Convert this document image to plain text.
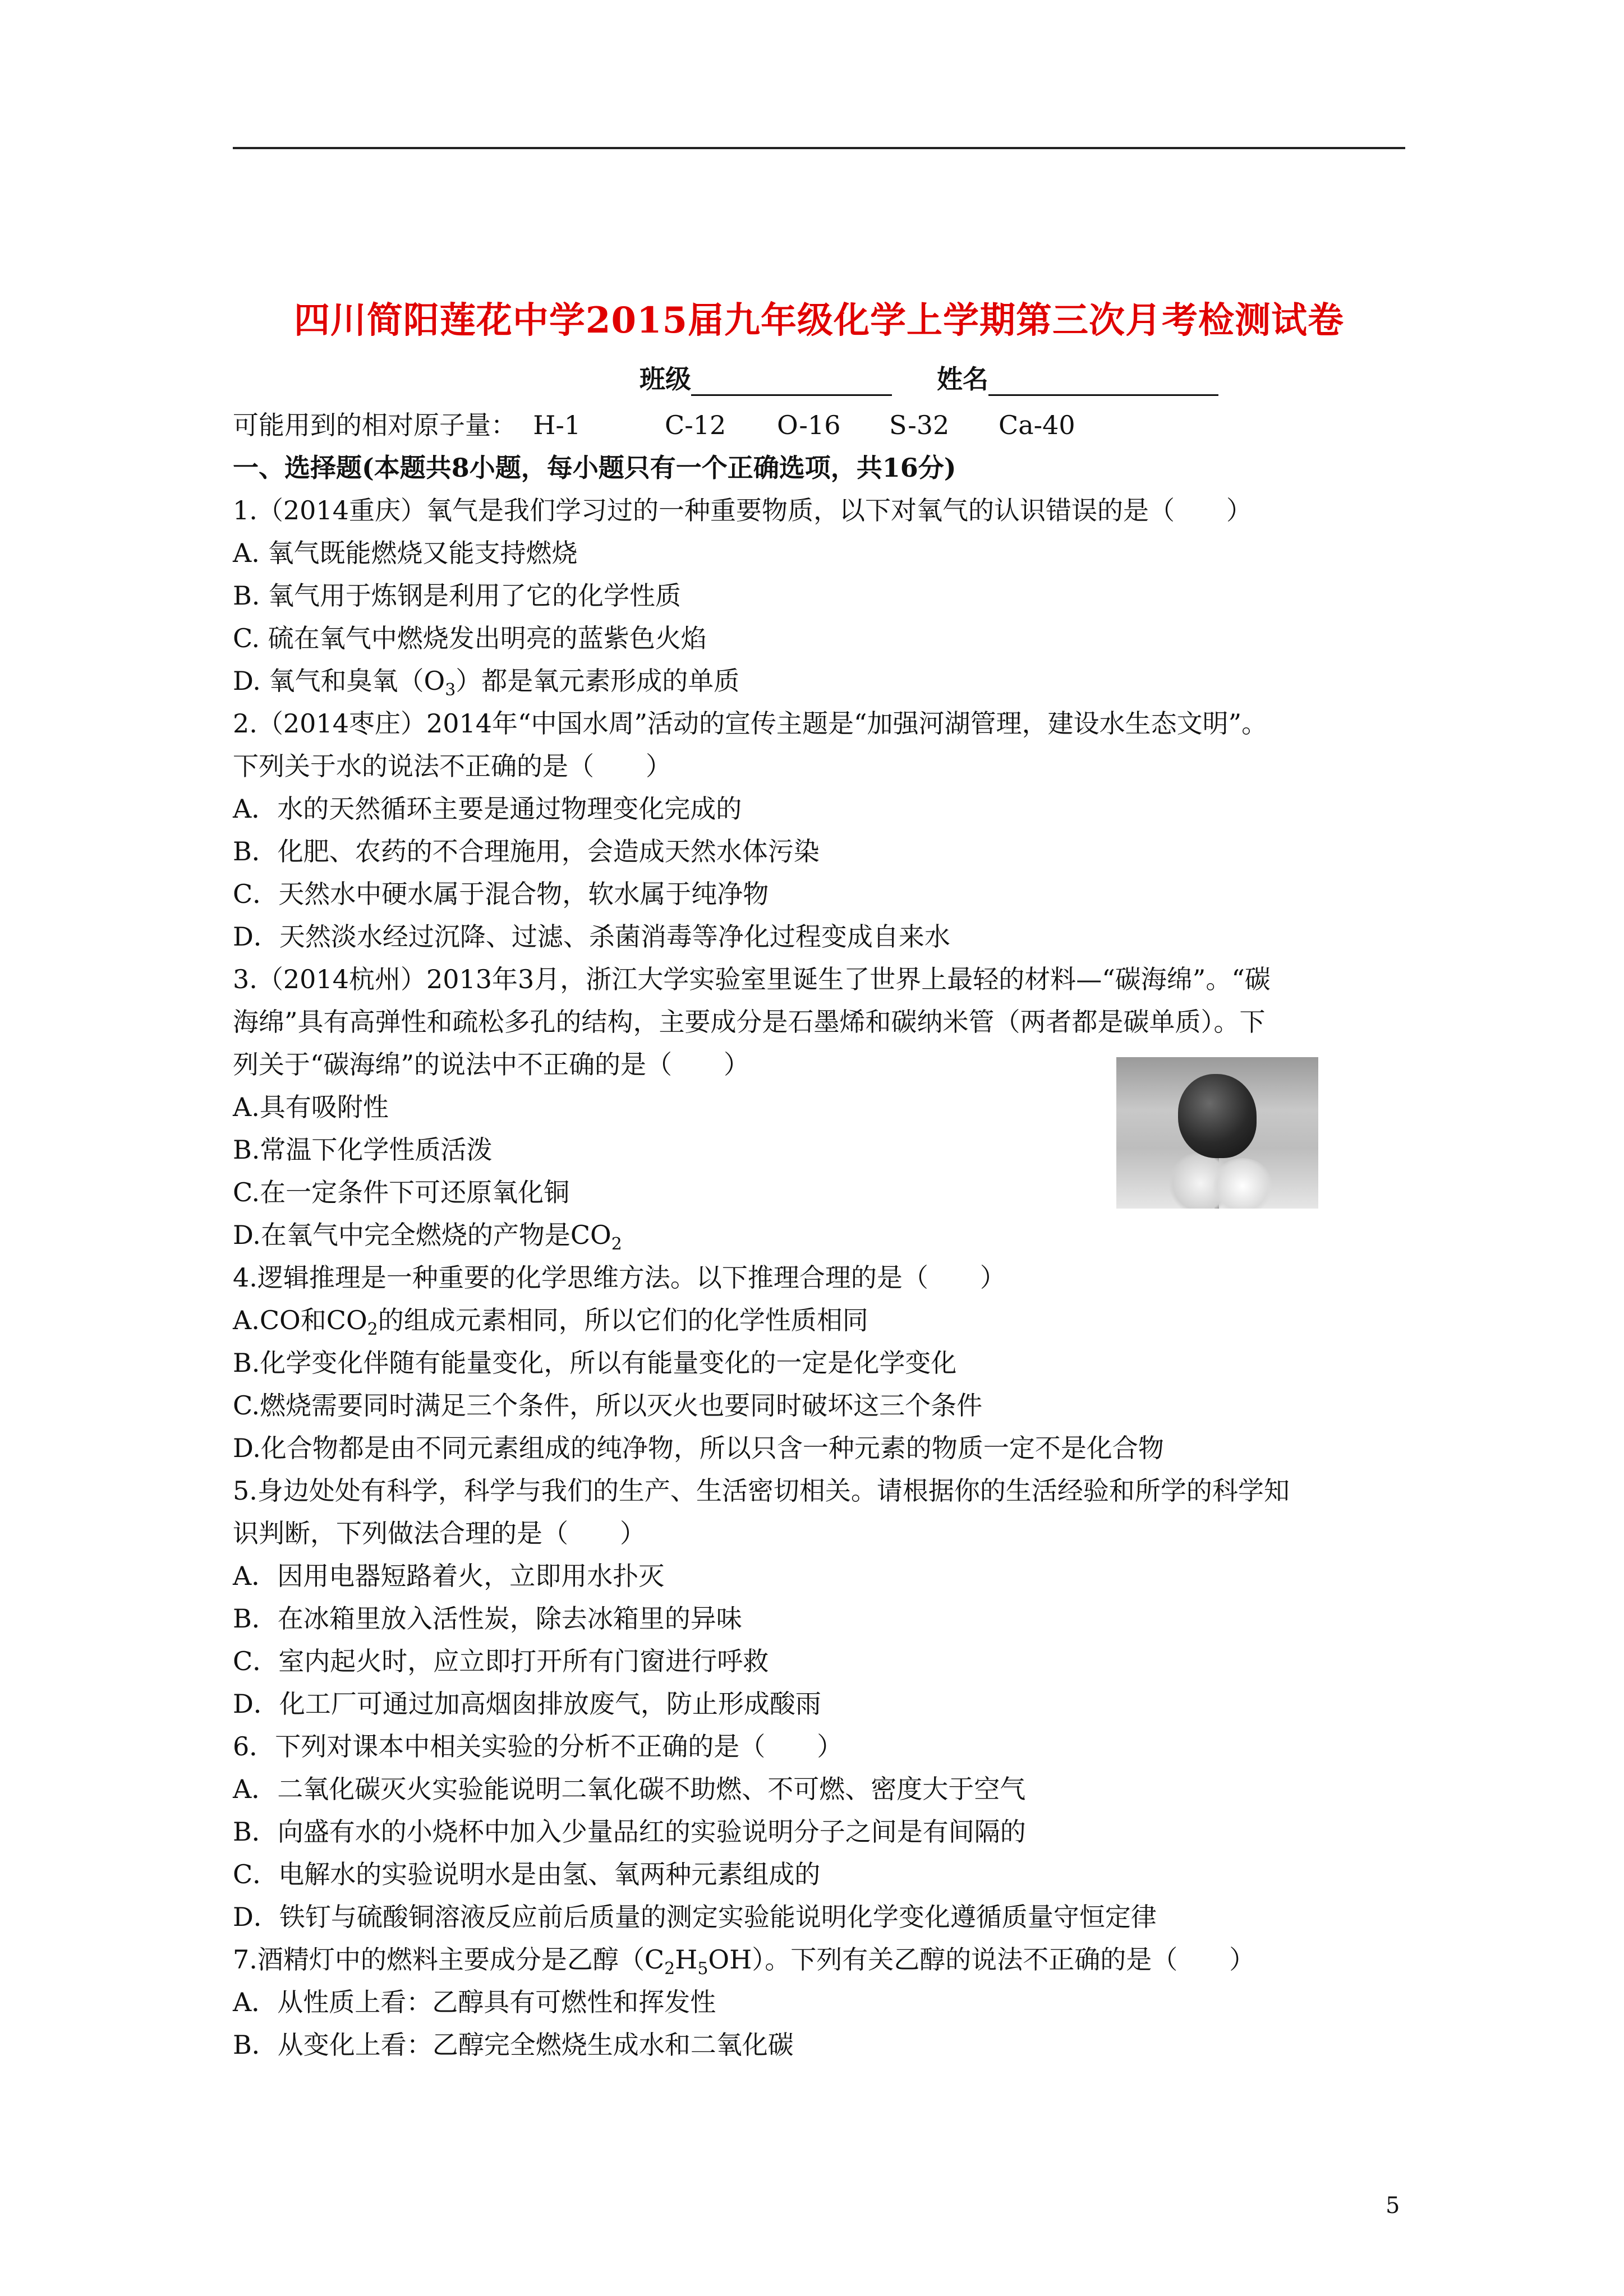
四川简阳莲花中学2015届九年级化学上学期第三次月考检测试卷
班级	姓名
可能用到的相对原子量： H-1	C-12 O-16 S-32 Ca-40
一、选择题(本题共8小题，每小题只有一个正确选项，共16分)
1.（2014重庆）氧气是我们学习过的一种重要物质，以下对氧气的认识错误的是（　　）
A. 氧气既能燃烧又能支持燃烧
B. 氧气用于炼钢是利用了它的化学性质
C. 硫在氧气中燃烧发出明亮的蓝紫色火焰
D. 氧气和臭氧$(O_3)$都是氧元素形成的单质
2.（2014枣庄）2014年“中国水周”活动的宣传主题是“加强河湖管理，建设水生态文明”。
下列关于水的说法不正确的是（　　）
A．水的天然循环主要是通过物理变化完成的
B．化肥、农药的不合理施用，会造成天然水体污染
C．天然水中硬水属于混合物，软水属于纯净物
D．天然淡水经过沉降、过滤、杀菌消毒等净化过程变成自来水
3.（2014杭州）2013年3月，浙江大学实验室里诞生了世界上最轻的材料—“碳海绵”。“碳
海绵”具有高弹性和疏松多孔的结构，主要成分是石墨烯和碳纳米管（两者都是碳单质）。下
列关于“碳海绵”的说法中不正确的是（　　）
A.具有吸附性
B.常温下化学性质活泼
C.在一定条件下可还原氧化铜
D.在氧气中完全燃烧的产物是$CO_2$
4.逻辑推理是一种重要的化学思维方法。以下推理合理的是（　　）
A.CO和$CO_2$的组成元素相同，所以它们的化学性质相同
B.化学变化伴随有能量变化，所以有能量变化的一定是化学变化
C.燃烧需要同时满足三个条件，所以灭火也要同时破坏这三个条件
D.化合物都是由不同元素组成的纯净物，所以只含一种元素的物质一定不是化合物
5.身边处处有科学，科学与我们的生产、生活密切相关。请根据你的生活经验和所学的科学知
识判断，下列做法合理的是（　　）
A．因用电器短路着火，立即用水扑灭
B．在冰箱里放入活性炭，除去冰箱里的异味
C．室内起火时，应立即打开所有门窗进行呼救
D．化工厂可通过加高烟囱排放废气，防止形成酸雨
6．下列对课本中相关实验的分析不正确的是（　　）
A．二氧化碳灭火实验能说明二氧化碳不助燃、不可燃、密度大于空气
B．向盛有水的小烧杯中加入少量品红的实验说明分子之间是有间隔的
C．电解水的实验说明水是由氢、氧两种元素组成的
D．铁钉与硫酸铜溶液反应前后质量的测定实验能说明化学变化遵循质量守恒定律
7.酒精灯中的燃料主要成分是乙醇$(C_2H_5OH)$。下列有关乙醇的说法不正确的是（　　）
A．从性质上看：乙醇具有可燃性和挥发性
B．从变化上看：乙醇完全燃烧生成水和二氧化碳
5
